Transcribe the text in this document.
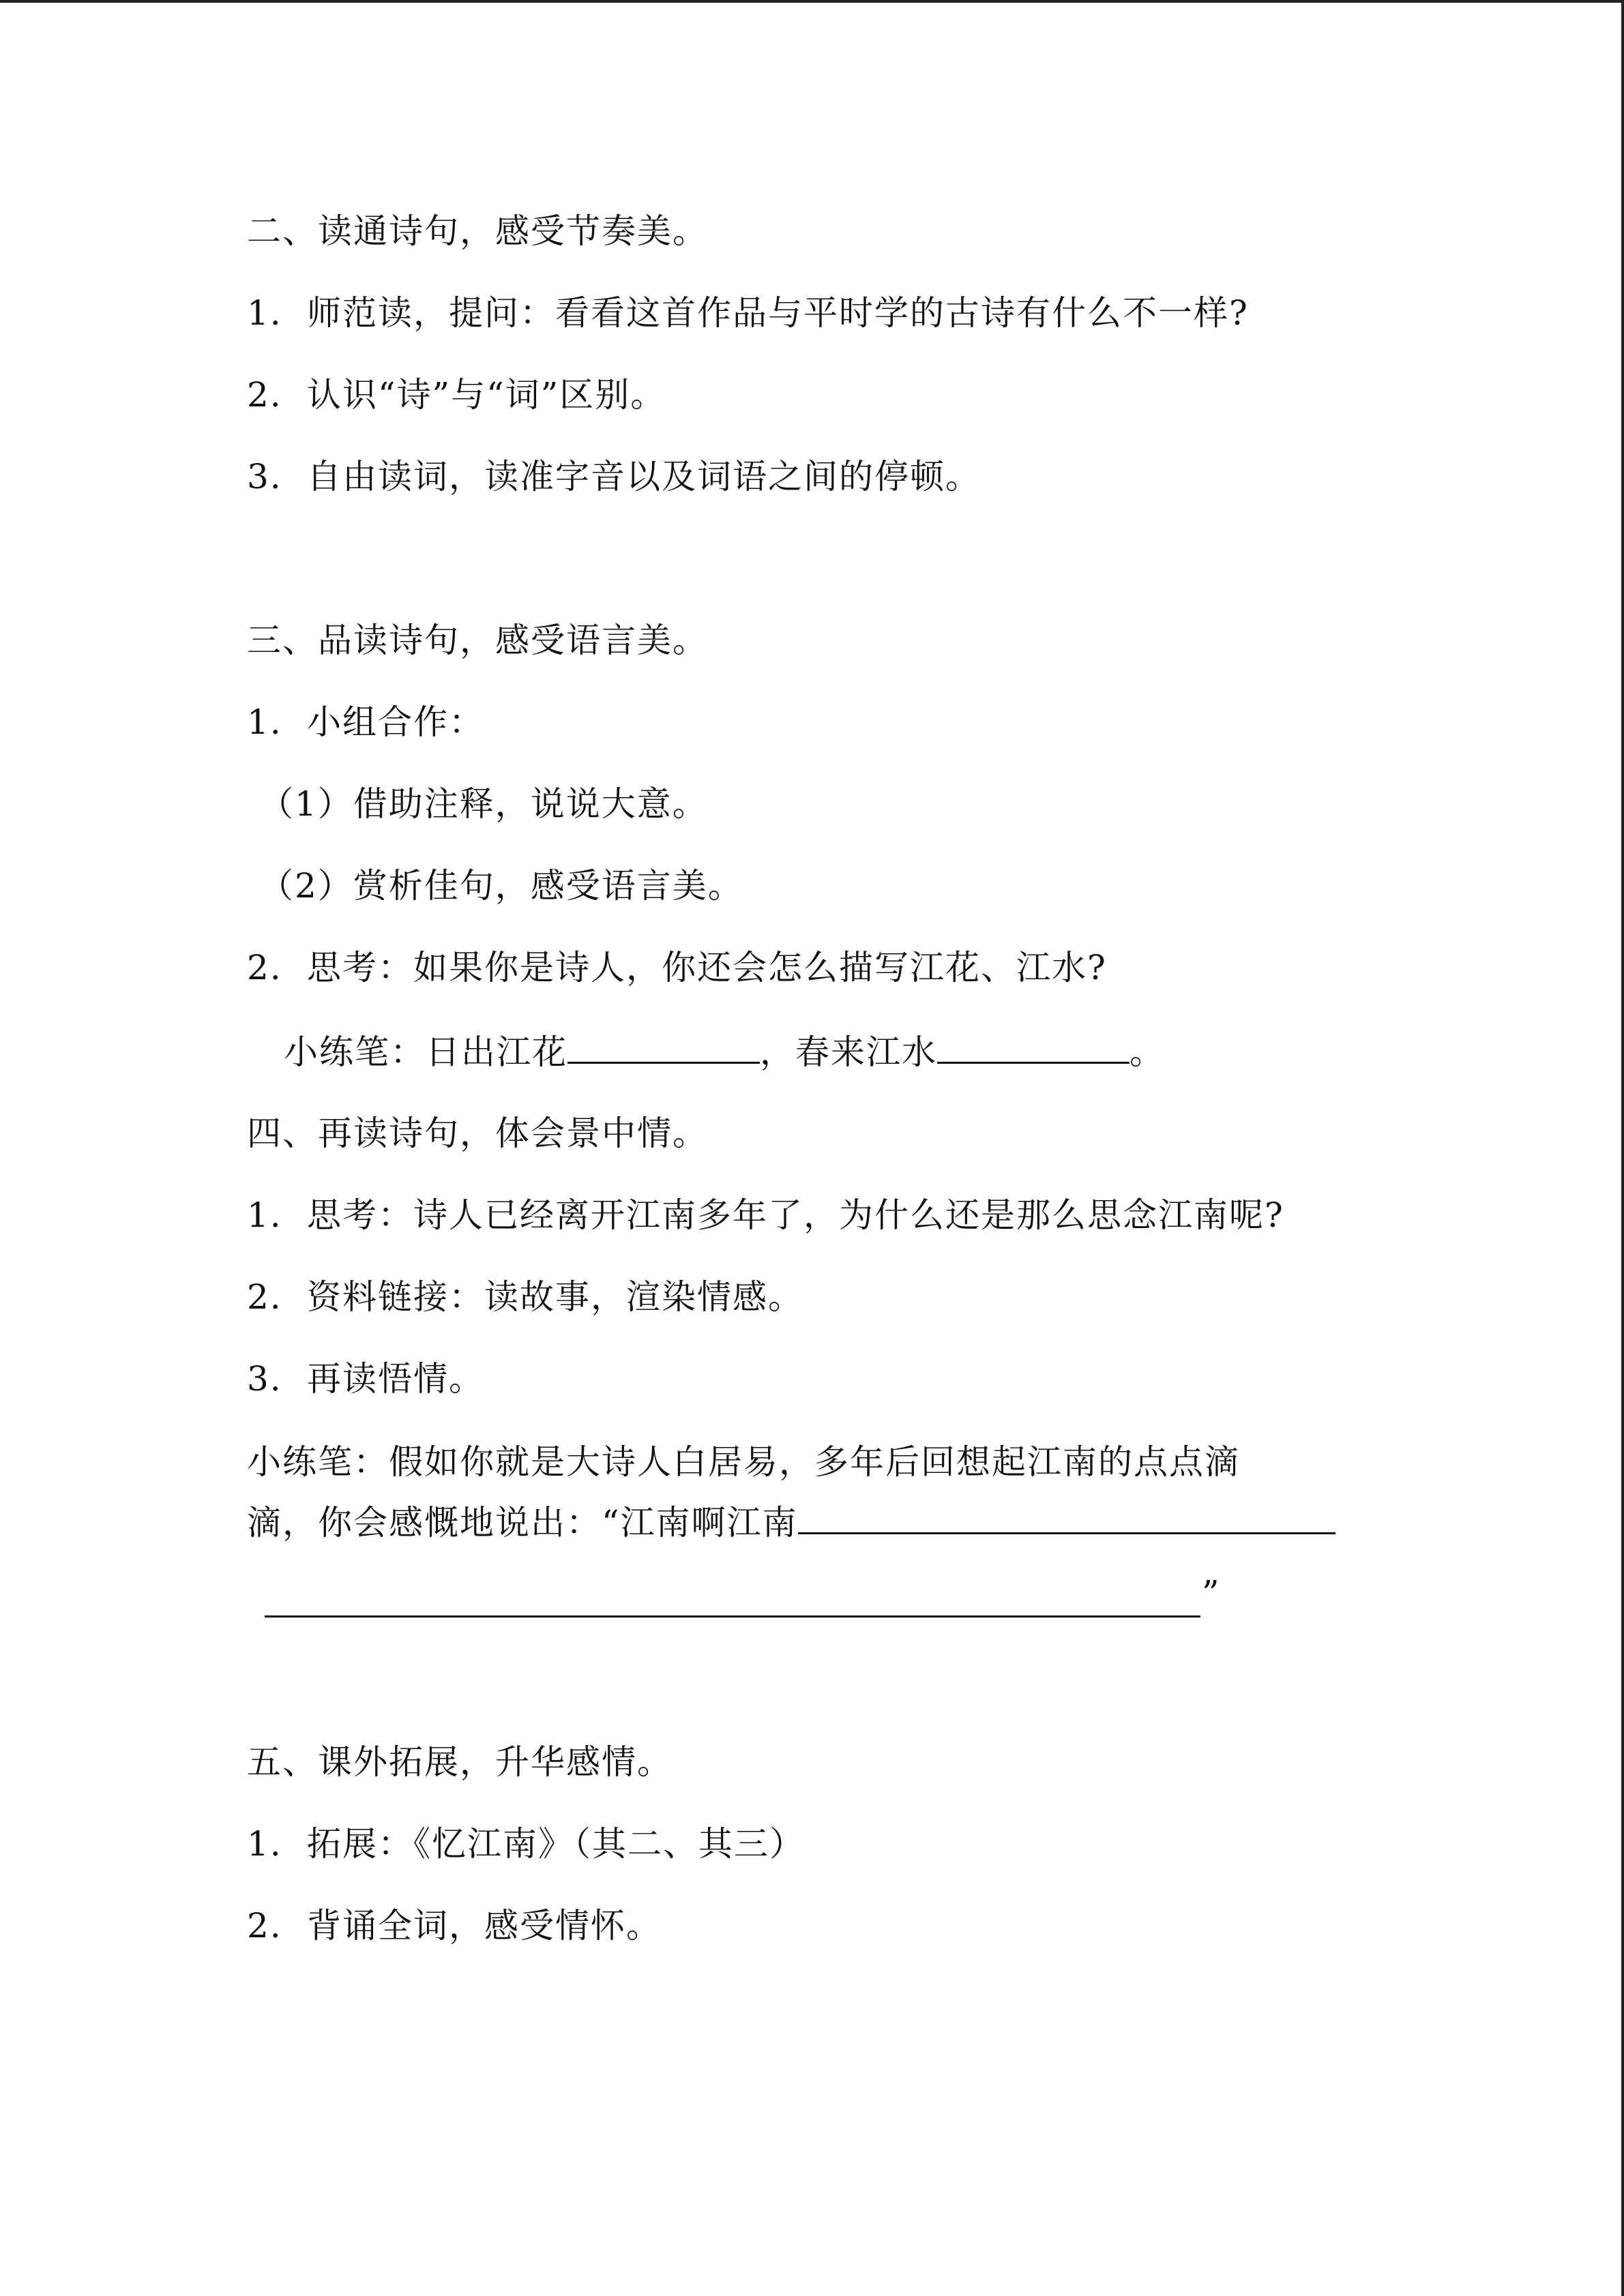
二、读通诗句，感受节奏美。
1. 师范读，提问：看看这首作品与平时学的古诗有什么不一样?
2. 认识“诗”与“词”区别。
3. 自由读词，读准字音以及词语之间的停顿。
三、品读诗句，感受语言美。
1. 小组合作：
（1）借助注释，说说大意。
（2）赏析佳句，感受语言美。
2. 思考：如果你是诗人，你还会怎么描写江花、江水?
小练笔：日出江花	，春来江水	。
四、再读诗句，体会景中情。
1. 思考：诗人已经离开江南多年了，为什么还是那么思念江南呢?
2. 资料链接：读故事，渲染情感。
3. 再读悟情。
小练笔：假如你就是大诗人白居易，多年后回想起江南的点点滴
滴，你会感慨地说出：“江南啊江南
”
五、课外拓展，升华感情。
1. 拓展：《忆江南》（其二、其三）
2. 背诵全词，感受情怀。
